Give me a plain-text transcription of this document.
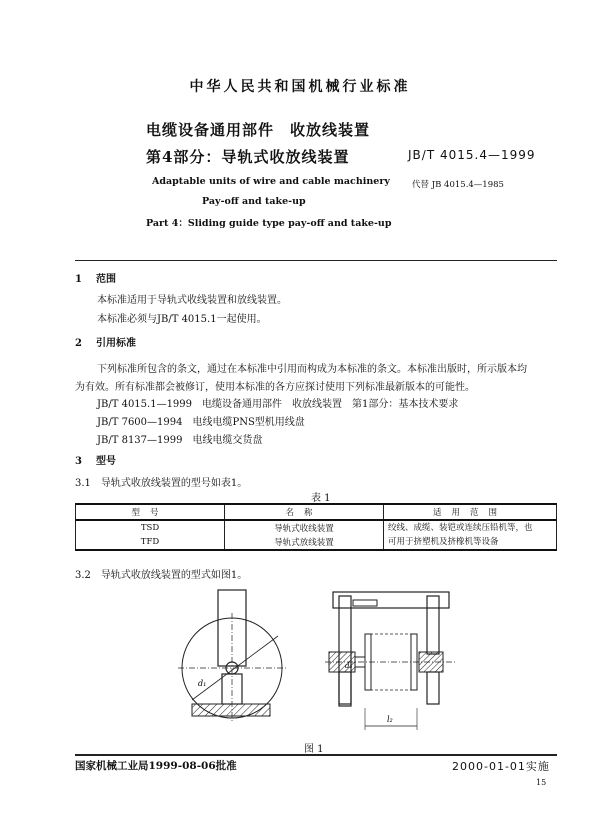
中华人民共和国机械行业标准
电缆设备通用部件　收放线装置
第4部分：导轨式收放线装置	JB/T 4015.4—1999
Adaptable units of wire and cable machinery
Pay-off and take-up
Part 4：Sliding guide type pay-off and take-up
代替 JB 4015.4—1985
1 范围
本标准适用于导轨式收线装置和放线装置。
本标准必须与JB/T 4015.1一起使用。
2 引用标准
下列标准所包含的条文，通过在本标准中引用而构成为本标准的条文。本标准出版时，所示版本均
为有效。所有标准都会被修订，使用本标准的各方应探讨使用下列标准最新版本的可能性。
JB/T 4015.1—1999　电缆设备通用部件　收放线装置　第1部分：基本技术要求
JB/T 7600—1994　电线电缆PNS型机用线盘
JB/T 8137—1999　电线电缆交货盘
3 型号
3.1　导轨式收放线装置的型号如表1。
表 1
型号	名称	适用范围
TSD	导轨式收线装置	绞线、成缆、装铠或连续压铅机等，也
可用于挤塑机及挤橡机等设备
TFD	导轨式放线装置	
3.2　导轨式收放线装置的型式如图1。
d₁
d₂
l₂
图 1
国家机械工业局1999-08-06批准	2000-01-01实施
15
